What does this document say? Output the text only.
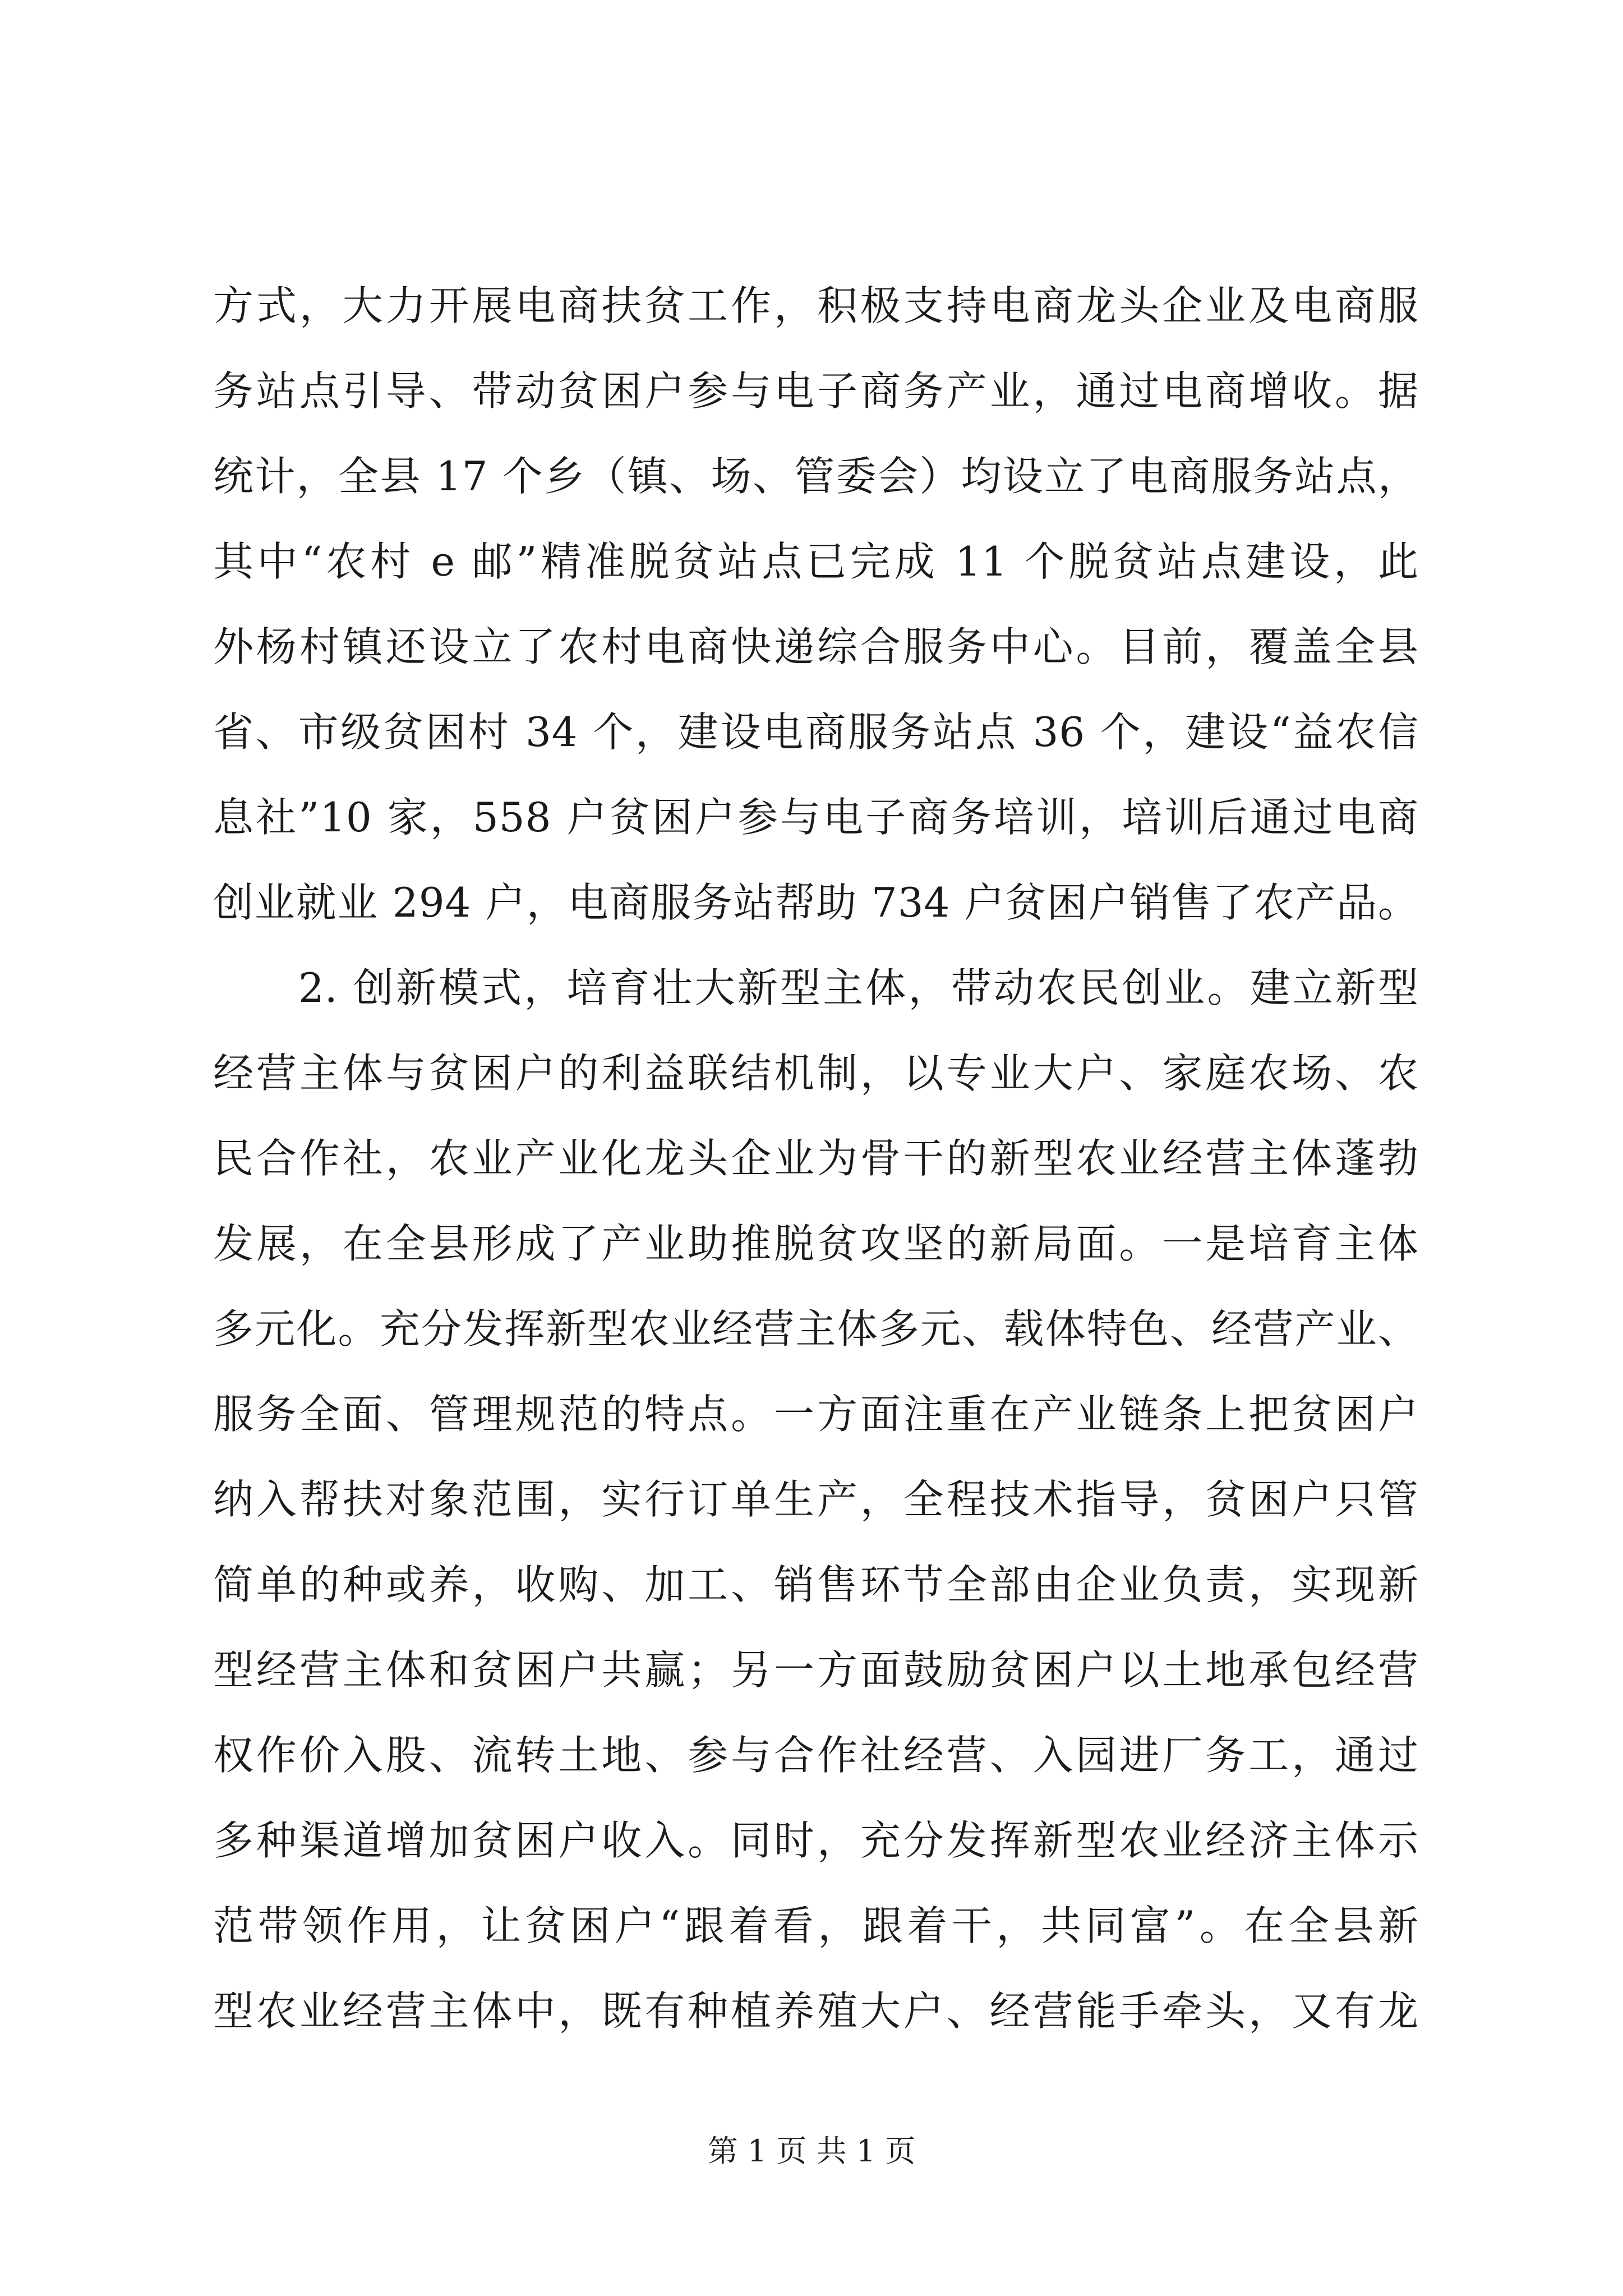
方式，大力开展电商扶贫工作，积极支持电商龙头企业及电商服
务站点引导、带动贫困户参与电子商务产业，通过电商增收。据
统计，全县 17 个乡（镇、场、管委会）均设立了电商服务站点，
其中“农村 e 邮”精准脱贫站点已完成 11 个脱贫站点建设，此
外杨村镇还设立了农村电商快递综合服务中心。目前，覆盖全县
省、市级贫困村 34 个，建设电商服务站点 36 个，建设“益农信
息社”10 家，558 户贫困户参与电子商务培训，培训后通过电商
创业就业 294 户，电商服务站帮助 734 户贫困户销售了农产品。
2. 创新模式，培育壮大新型主体，带动农民创业。建立新型
经营主体与贫困户的利益联结机制，以专业大户、家庭农场、农
民合作社，农业产业化龙头企业为骨干的新型农业经营主体蓬勃
发展，在全县形成了产业助推脱贫攻坚的新局面。一是培育主体
多元化。充分发挥新型农业经营主体多元、载体特色、经营产业、
服务全面、管理规范的特点。一方面注重在产业链条上把贫困户
纳入帮扶对象范围，实行订单生产，全程技术指导，贫困户只管
简单的种或养，收购、加工、销售环节全部由企业负责，实现新
型经营主体和贫困户共赢；另一方面鼓励贫困户以土地承包经营
权作价入股、流转土地、参与合作社经营、入园进厂务工，通过
多种渠道增加贫困户收入。同时，充分发挥新型农业经济主体示
范带领作用，让贫困户“跟着看，跟着干，共同富”。在全县新
型农业经营主体中，既有种植养殖大户、经营能手牵头，又有龙
第 1 页 共 1 页
